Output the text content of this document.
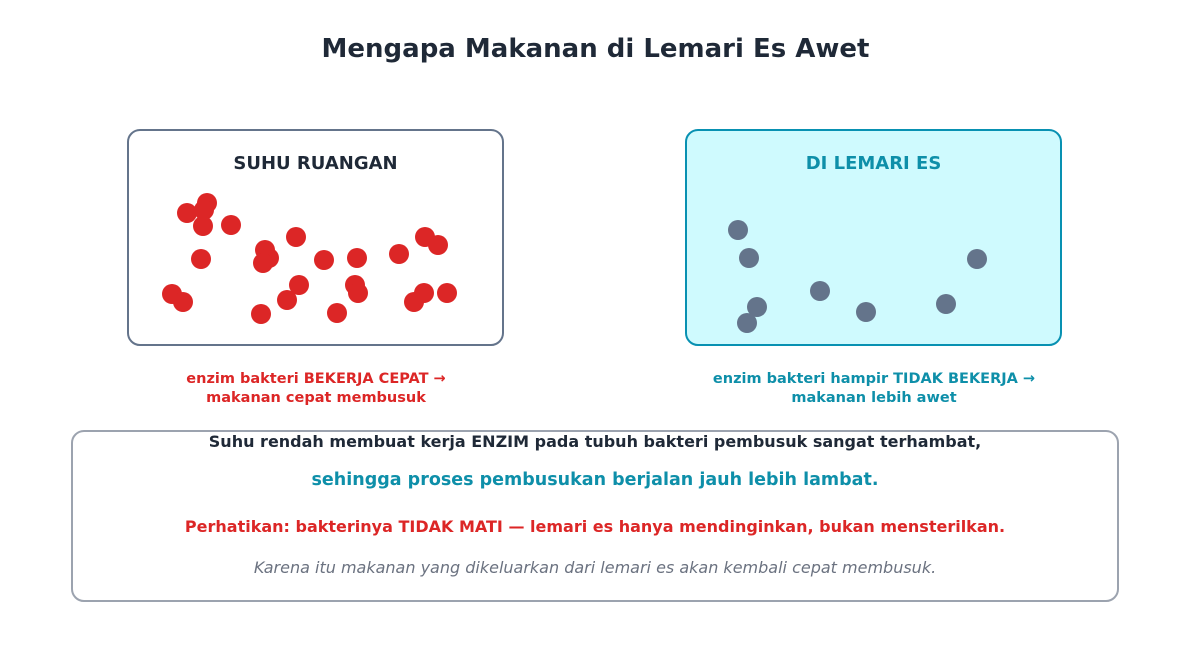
Mengapa Makanan di Lemari Es Awet
SUHU RUANGAN	DI LEMARI ES
enzim bakteri BEKERJA CEPAT →
makanan cepat membusuk
enzim bakteri hampir TIDAK BEKERJA →
makanan lebih awet
Suhu rendah membuat kerja ENZIM pada tubuh bakteri pembusuk sangat terhambat,
sehingga proses pembusukan berjalan jauh lebih lambat.
Perhatikan: bakterinya TIDAK MATI — lemari es hanya mendinginkan, bukan mensterilkan.
Karena itu makanan yang dikeluarkan dari lemari es akan kembali cepat membusuk.
